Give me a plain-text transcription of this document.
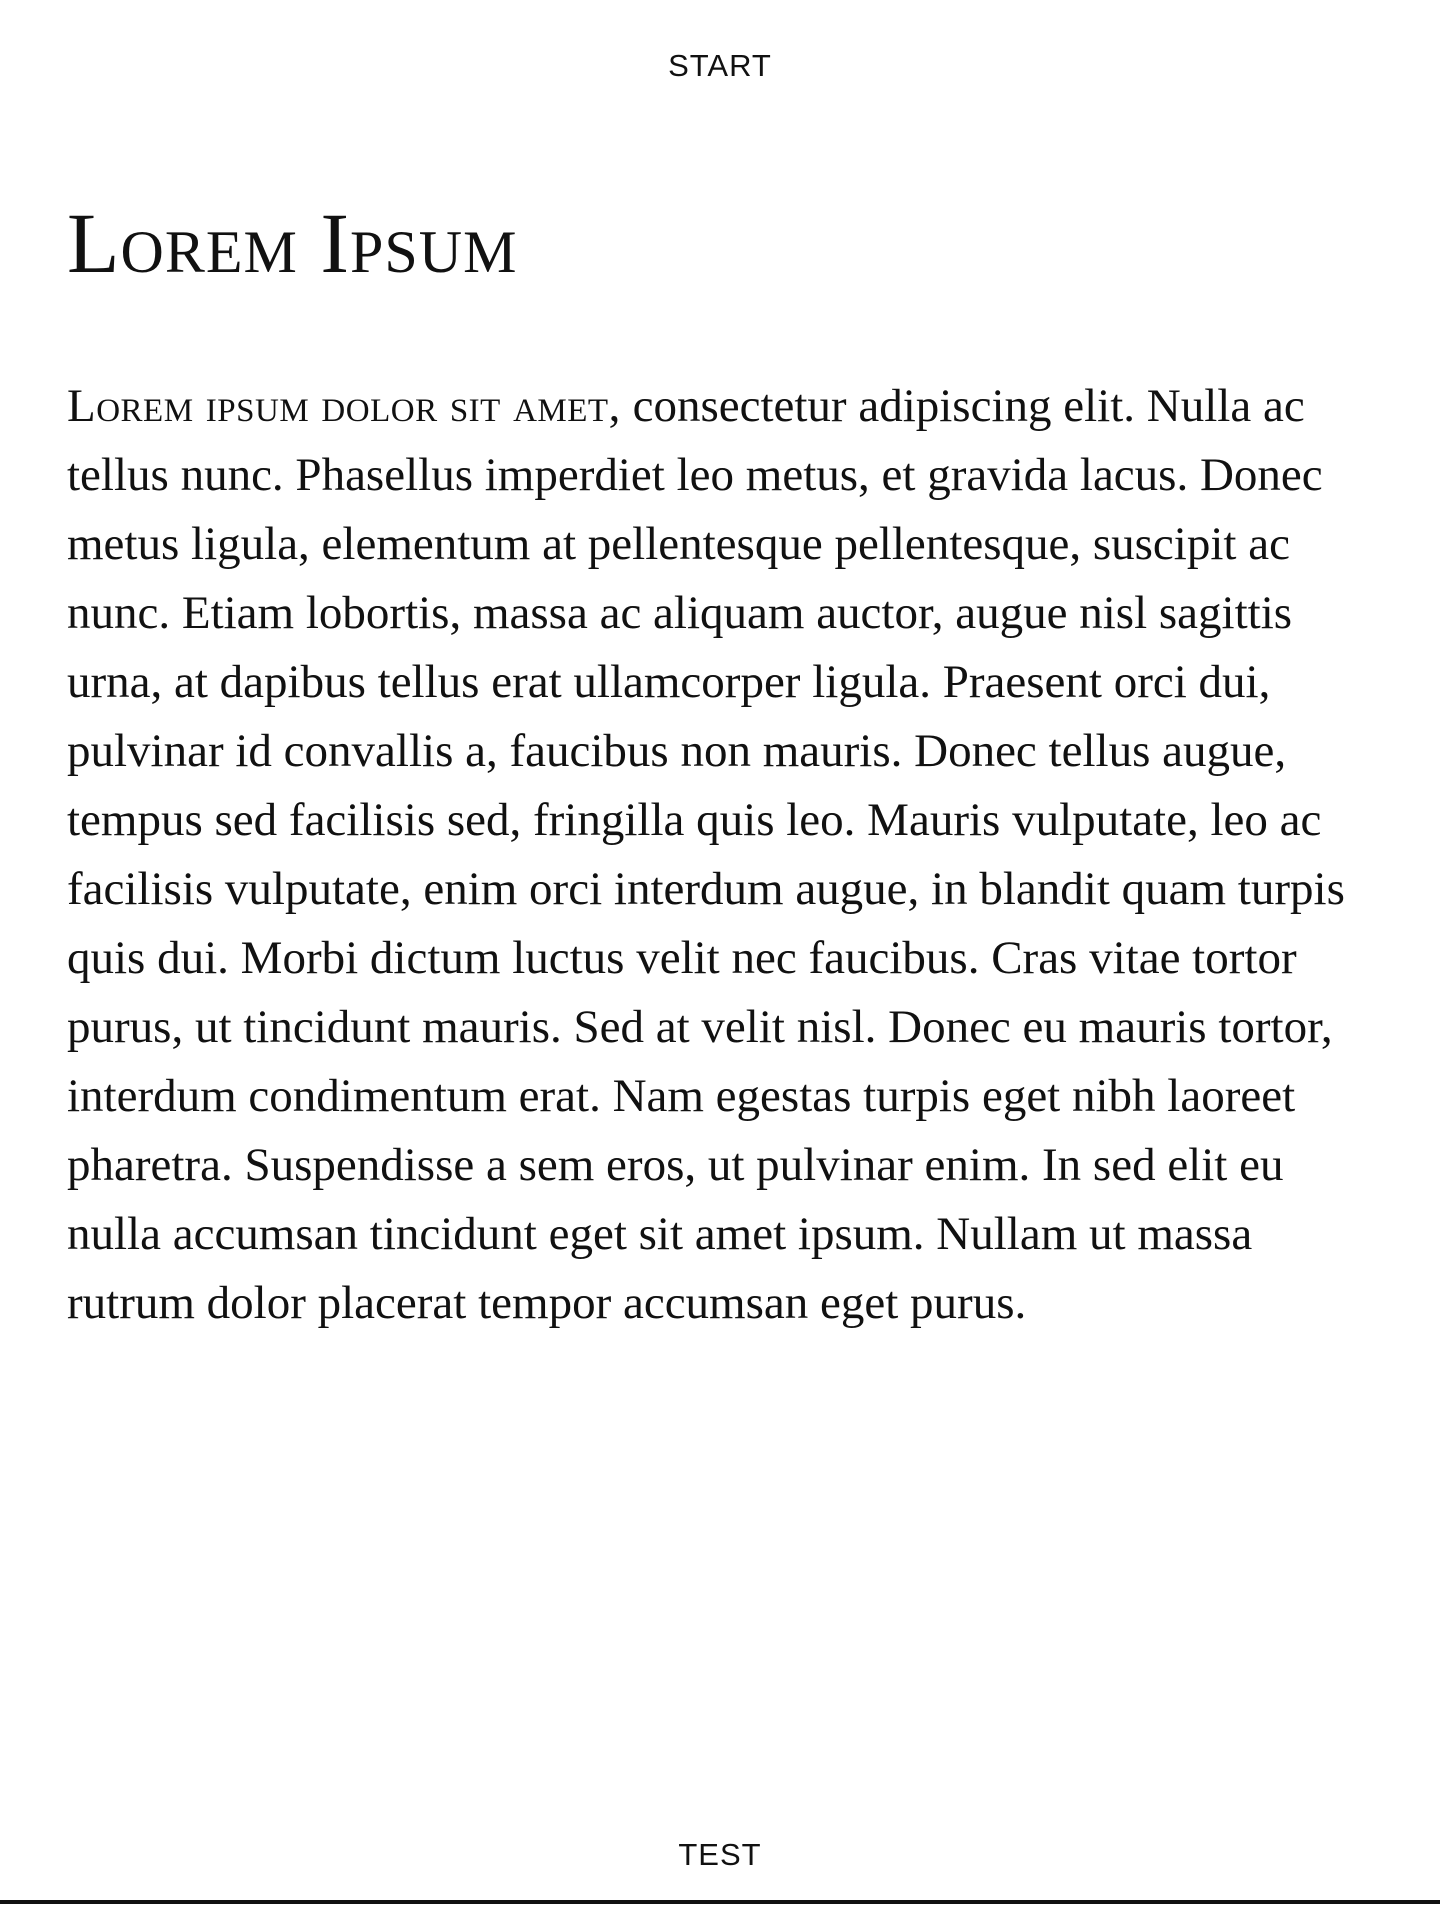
START
Lorem Ipsum

Lorem ipsum dolor sit amet, consectetur adipiscing elit. Nulla ac tellus nunc. Phasellus imperdiet leo metus, et gravida lacus. Donec metus ligula, elementum at pellentesque pellentesque, suscipit ac nunc. Etiam lobortis, massa ac aliquam auctor, augue nisl sagittis urna, at dapibus tellus erat ullamcorper ligula. Praesent orci dui, pulvinar id convallis a, faucibus non mauris. Donec tellus augue, tempus sed facilisis sed, fringilla quis leo. Mauris vulputate, leo ac facilisis vulputate, enim orci interdum augue, in blandit quam turpis quis dui. Morbi dictum luctus velit nec faucibus. Cras vitae tortor purus, ut tincidunt mauris. Sed at velit nisl. Donec eu mauris tortor, interdum condimentum erat. Nam egestas turpis eget nibh laoreet pharetra. Suspendisse a sem eros, ut pulvinar enim. In sed elit eu nulla accumsan tincidunt eget sit amet ipsum. Nullam ut massa rutrum dolor placerat tempor accumsan eget purus.

TEST
